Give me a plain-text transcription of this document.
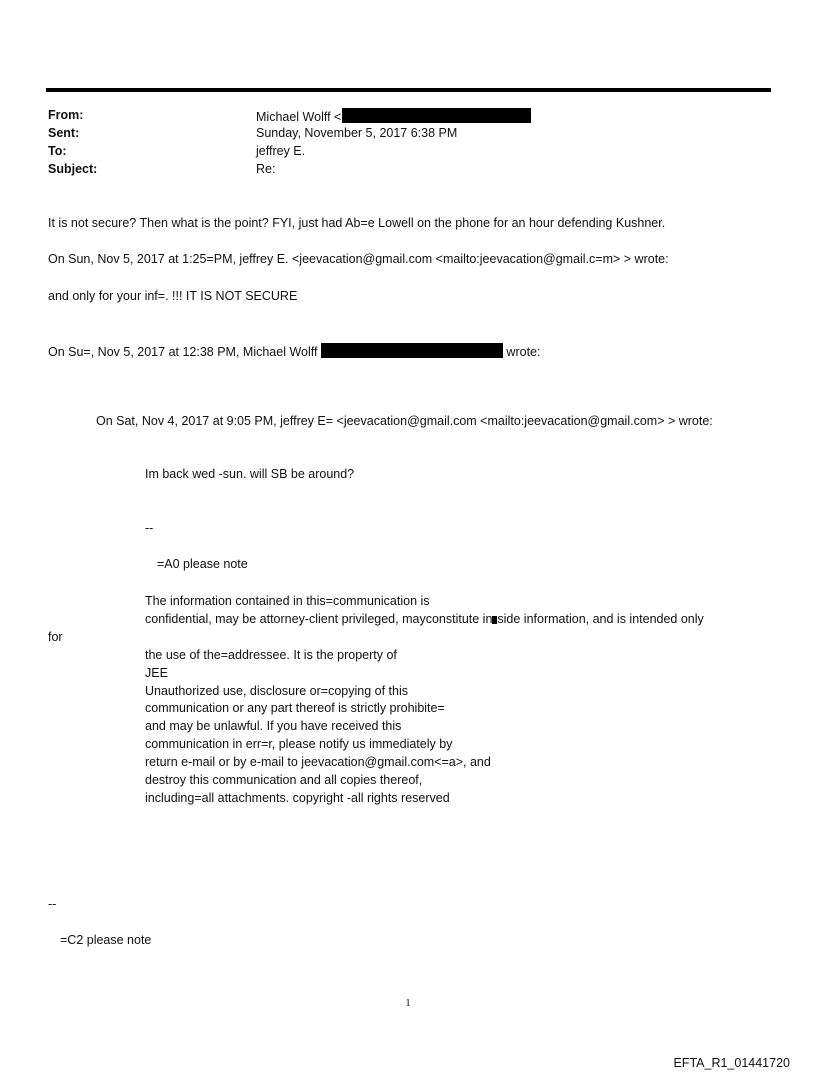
From:	Michael Wolff <
Sent:	Sunday, November 5, 2017 6:38 PM
To:	jeffrey E.
Subject:	Re:
It is not secure? Then what is the point? FYI, just had Ab=e Lowell on the phone for an hour defending Kushner.
On Sun, Nov 5, 2017 at 1:25=PM, jeffrey E. <jeevacation@gmail.com <mailto:jeevacation@gmail.c=m> > wrote:
and only for your inf=. !!! IT IS NOT SECURE
On Su=, Nov 5, 2017 at 12:38 PM, Michael Wolff	wrote:
On Sat, Nov 4, 2017 at 9:05 PM, jeffrey E= <jeevacation@gmail.com <mailto:jeevacation@gmail.com> > wrote:
Im back wed -sun. will SB be around?
--
=A0 please note
The information contained in this=communication is
confidential, may be attorney-client privileged, mayconstitute in side information, and is intended only
for
the use of the=addressee. It is the property of
JEE
Unauthorized use, disclosure or=copying of this
communication or any part thereof is strictly prohibite=
and may be unlawful. If you have received this
communication in err=r, please notify us immediately by
return e-mail or by e-mail to jeevacation@gmail.com<=a>, and
destroy this communication and all copies thereof,
including=all attachments. copyright -all rights reserved
--
=C2 please note
1
EFTA_R1_01441720
